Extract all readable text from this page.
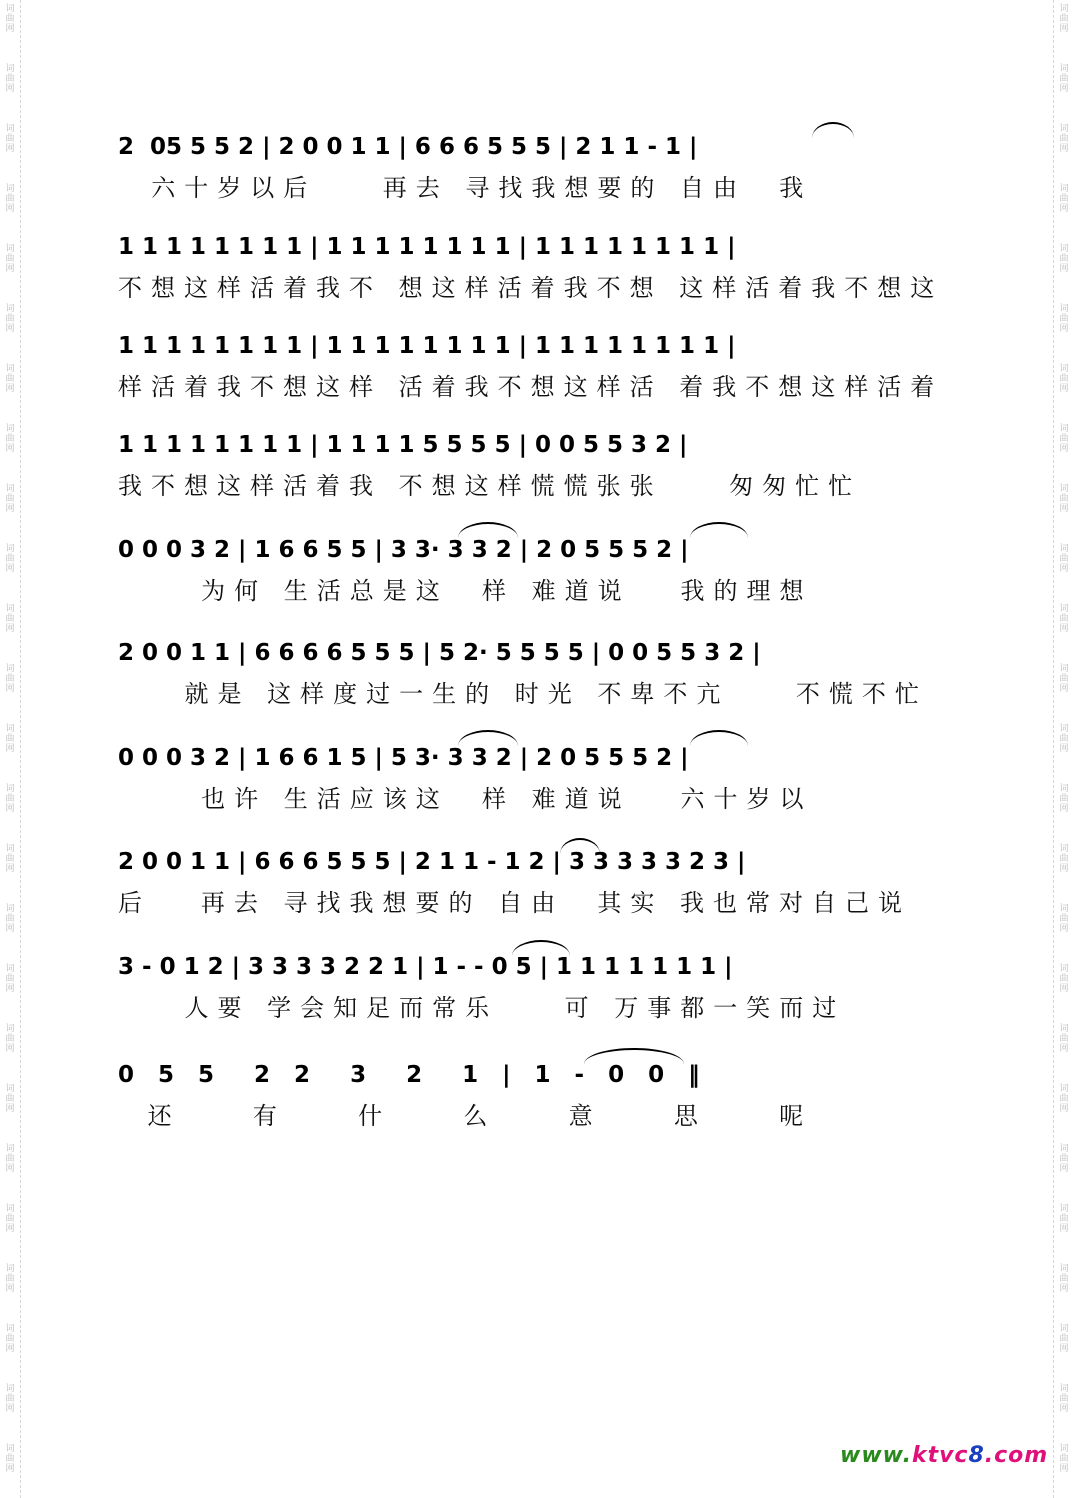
词
曲
网
词
曲
网
词
曲
网
词
曲
网
词
曲
网
词
曲
网
词
曲
网
词
曲
网
词
曲
网
词
曲
网
词
曲
网
词
曲
网
词
曲
网
词
曲
网
词
曲
网
词
曲
网
词
曲
网
词
曲
网
词
曲
网
词
曲
网
词
曲
网
词
曲
网
词
曲
网
词
曲
网
词
曲
网
词
曲
网
词
曲
网
词
曲
网
词
曲
网
词
曲
网
词
曲
网
词
曲
网
词
曲
网
词
曲
网
词
曲
网
词
曲
网
词
曲
网
词
曲
网
词
曲
网
词
曲
网
词
曲
网
词
曲
网
词
曲
网
词
曲
网
词
曲
网
词
曲
网
词
曲
网
词
曲
网
词
曲
网
词
曲
网
2  05 5 5 2 | 2 0 0 1 1 | 6 6 6 5 5 5 | 2 1 1 - 1 |
六十岁以后    再去 寻找我想要的 自由  我
1 1 1 1 1 1 1 1 | 1 1 1 1 1 1 1 1 | 1 1 1 1 1 1 1 1 |
不想这样活着我不 想这样活着我不想 这样活着我不想这
1 1 1 1 1 1 1 1 | 1 1 1 1 1 1 1 1 | 1 1 1 1 1 1 1 1 |
样活着我不想这样 活着我不想这样活 着我不想这样活着
1 1 1 1 1 1 1 1 | 1 1 1 1 5 5 5 5 | 0 0 5 5 3 2 |
我不想这样活着我 不想这样慌慌张张    匆匆忙忙
0 0 0 3 2 | 1 6 6 5 5 | 3 3· 3 3 2 | 2 0 5 5 5 2 |
为何 生活总是这  样 难道说   我的理想
2 0 0 1 1 | 6 6 6 6 5 5 5 | 5 2· 5 5 5 5 | 0 0 5 5 3 2 |
就是 这样度过一生的 时光 不卑不亢    不慌不忙
0 0 0 3 2 | 1 6 6 1 5 | 5 3· 3 3 2 | 2 0 5 5 5 2 |
也许 生活应该这  样 难道说   六十岁以
2 0 0 1 1 | 6 6 6 5 5 5 | 2 1 1 - 1 2 | 3 3 3 3 3 2 3 |
后   再去 寻找我想要的 自由  其实 我也常对自己说
3 - 0 1 2 | 3 3 3 3 2 2 1 | 1 - - 0 5 | 1 1 1 1 1 1 1 |
人要 学会知足而常乐    可 万事都一笑而过
0 5 5  2 2  3  2  1 | 1 - 0 0 ‖
还  有  什  么  意  思  呢
www.ktvc8.com
